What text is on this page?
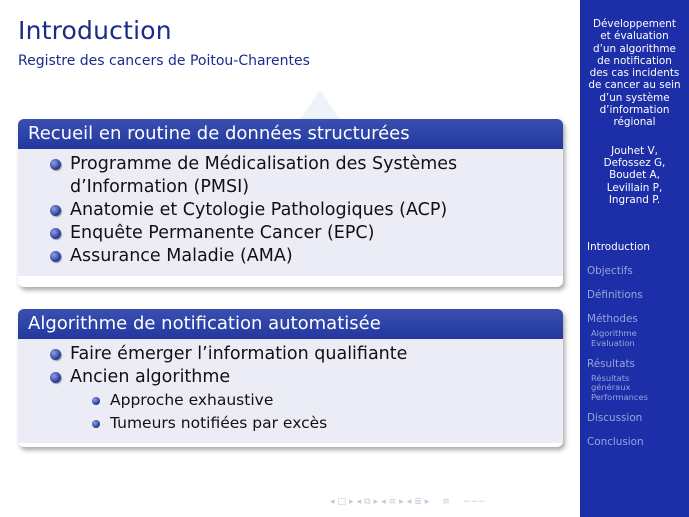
Introduction
Registre des cancers de Poitou-Charentes
Recueil en routine de données structurées
Programme de Médicalisation des Systèmes
d’Information (PMSI)
Anatomie et Cytologie Pathologiques (ACP)
Enquête Permanente Cancer (EPC)
Assurance Maladie (AMA)
Algorithme de notification automatisée
Faire émerger l’information qualifiante
Ancien algorithme
Approche exhaustive
Tumeurs notifiées par excès
◂ □ ▸ ◂ ⧉ ▸ ◂ ≡ ▸ ◂ ≣ ▸ ≡ ∽∽∽
Développement
et évaluation
d’un algorithme
de notification
des cas incidents
de cancer au sein
d’un système
d’information
régional
Jouhet V,
Defossez G,
Boudet A,
Levillain P,
Ingrand P.
Introduction
Objectifs
Définitions
Méthodes
Algorithme
Evaluation
Résultats
Résultats
généraux
Performances
Discussion
Conclusion
